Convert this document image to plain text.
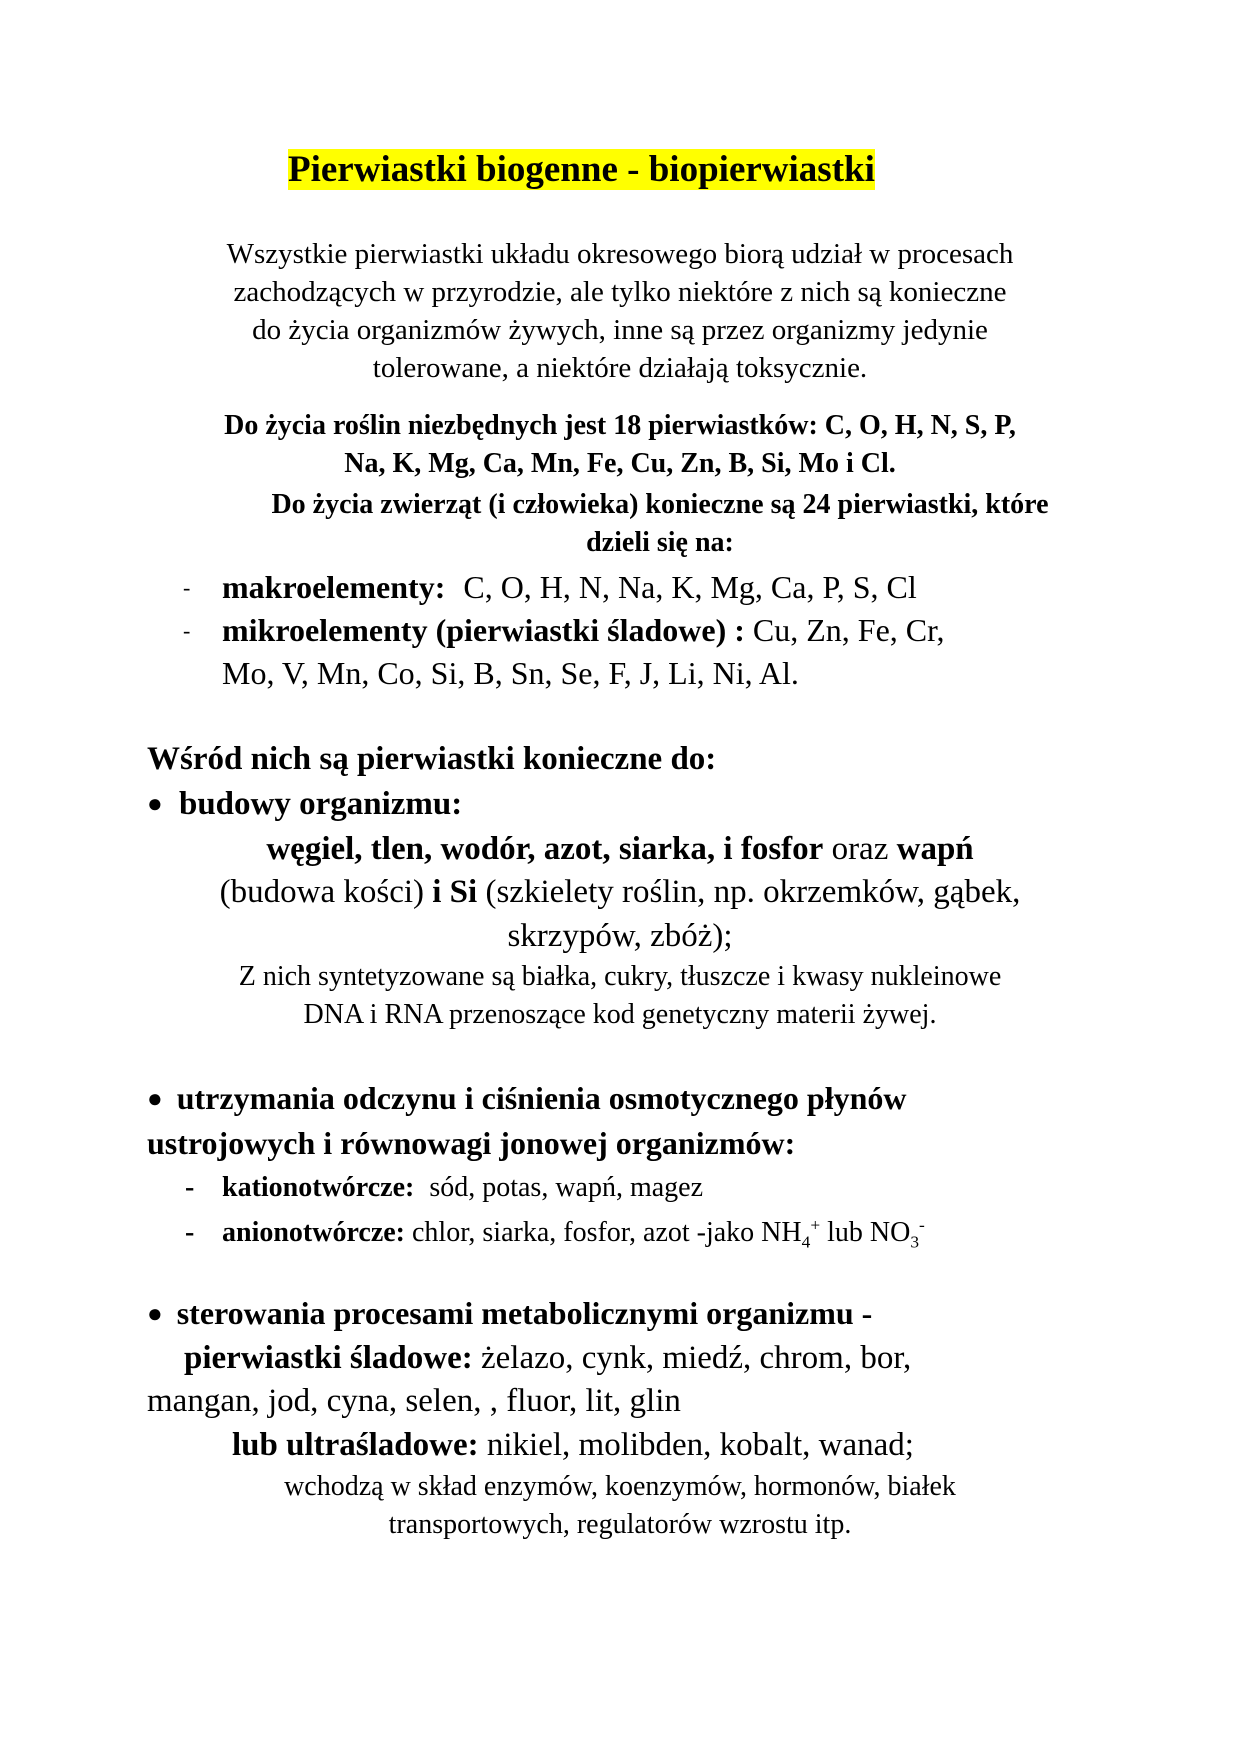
Pierwiastki biogenne - biopierwiastki
Wszystkie pierwiastki układu okresowego biorą udział w procesach
zachodzących w przyrodzie, ale tylko niektóre z nich są konieczne
do życia organizmów żywych, inne są przez organizmy jedynie
tolerowane, a niektóre działają toksycznie.
Do życia roślin niezbędnych jest 18 pierwiastków: C, O, H, N, S, P,
Na, K, Mg, Ca, Mn, Fe, Cu, Zn, B, Si, Mo i Cl.
Do życia zwierząt (i człowieka) konieczne są 24 pierwiastki, które
dzieli się na:
- makroelementy: C, O, H, N, Na, K, Mg, Ca, P, S, Cl
- mikroelementy (pierwiastki śladowe) : Cu, Zn, Fe, Cr,
Mo, V, Mn, Co, Si, B, Sn, Se, F, J, Li, Ni, Al.
Wśród nich są pierwiastki konieczne do:
● budowy organizmu:
węgiel, tlen, wodór, azot, siarka, i fosfor oraz wapń
(budowa kości) i Si (szkielety roślin, np. okrzemków, gąbek,
skrzypów, zbóż);
Z nich syntetyzowane są białka, cukry, tłuszcze i kwasy nukleinowe
DNA i RNA przenoszące kod genetyczny materii żywej.
● utrzymania odczynu i ciśnienia osmotycznego płynów
ustrojowych i równowagi jonowej organizmów:
- kationotwórcze: sód, potas, wapń, magez
- anionotwórcze: chlor, siarka, fosfor, azot -jako $NH_4^+$ lub $NO_3^-$
● sterowania procesami metabolicznymi organizmu -
pierwiastki śladowe: żelazo, cynk, miedź, chrom, bor,
mangan, jod, cyna, selen, , fluor, lit, glin
lub ultraśladowe: nikiel, molibden, kobalt, wanad;
wchodzą w skład enzymów, koenzymów, hormonów, białek
transportowych, regulatorów wzrostu itp.
